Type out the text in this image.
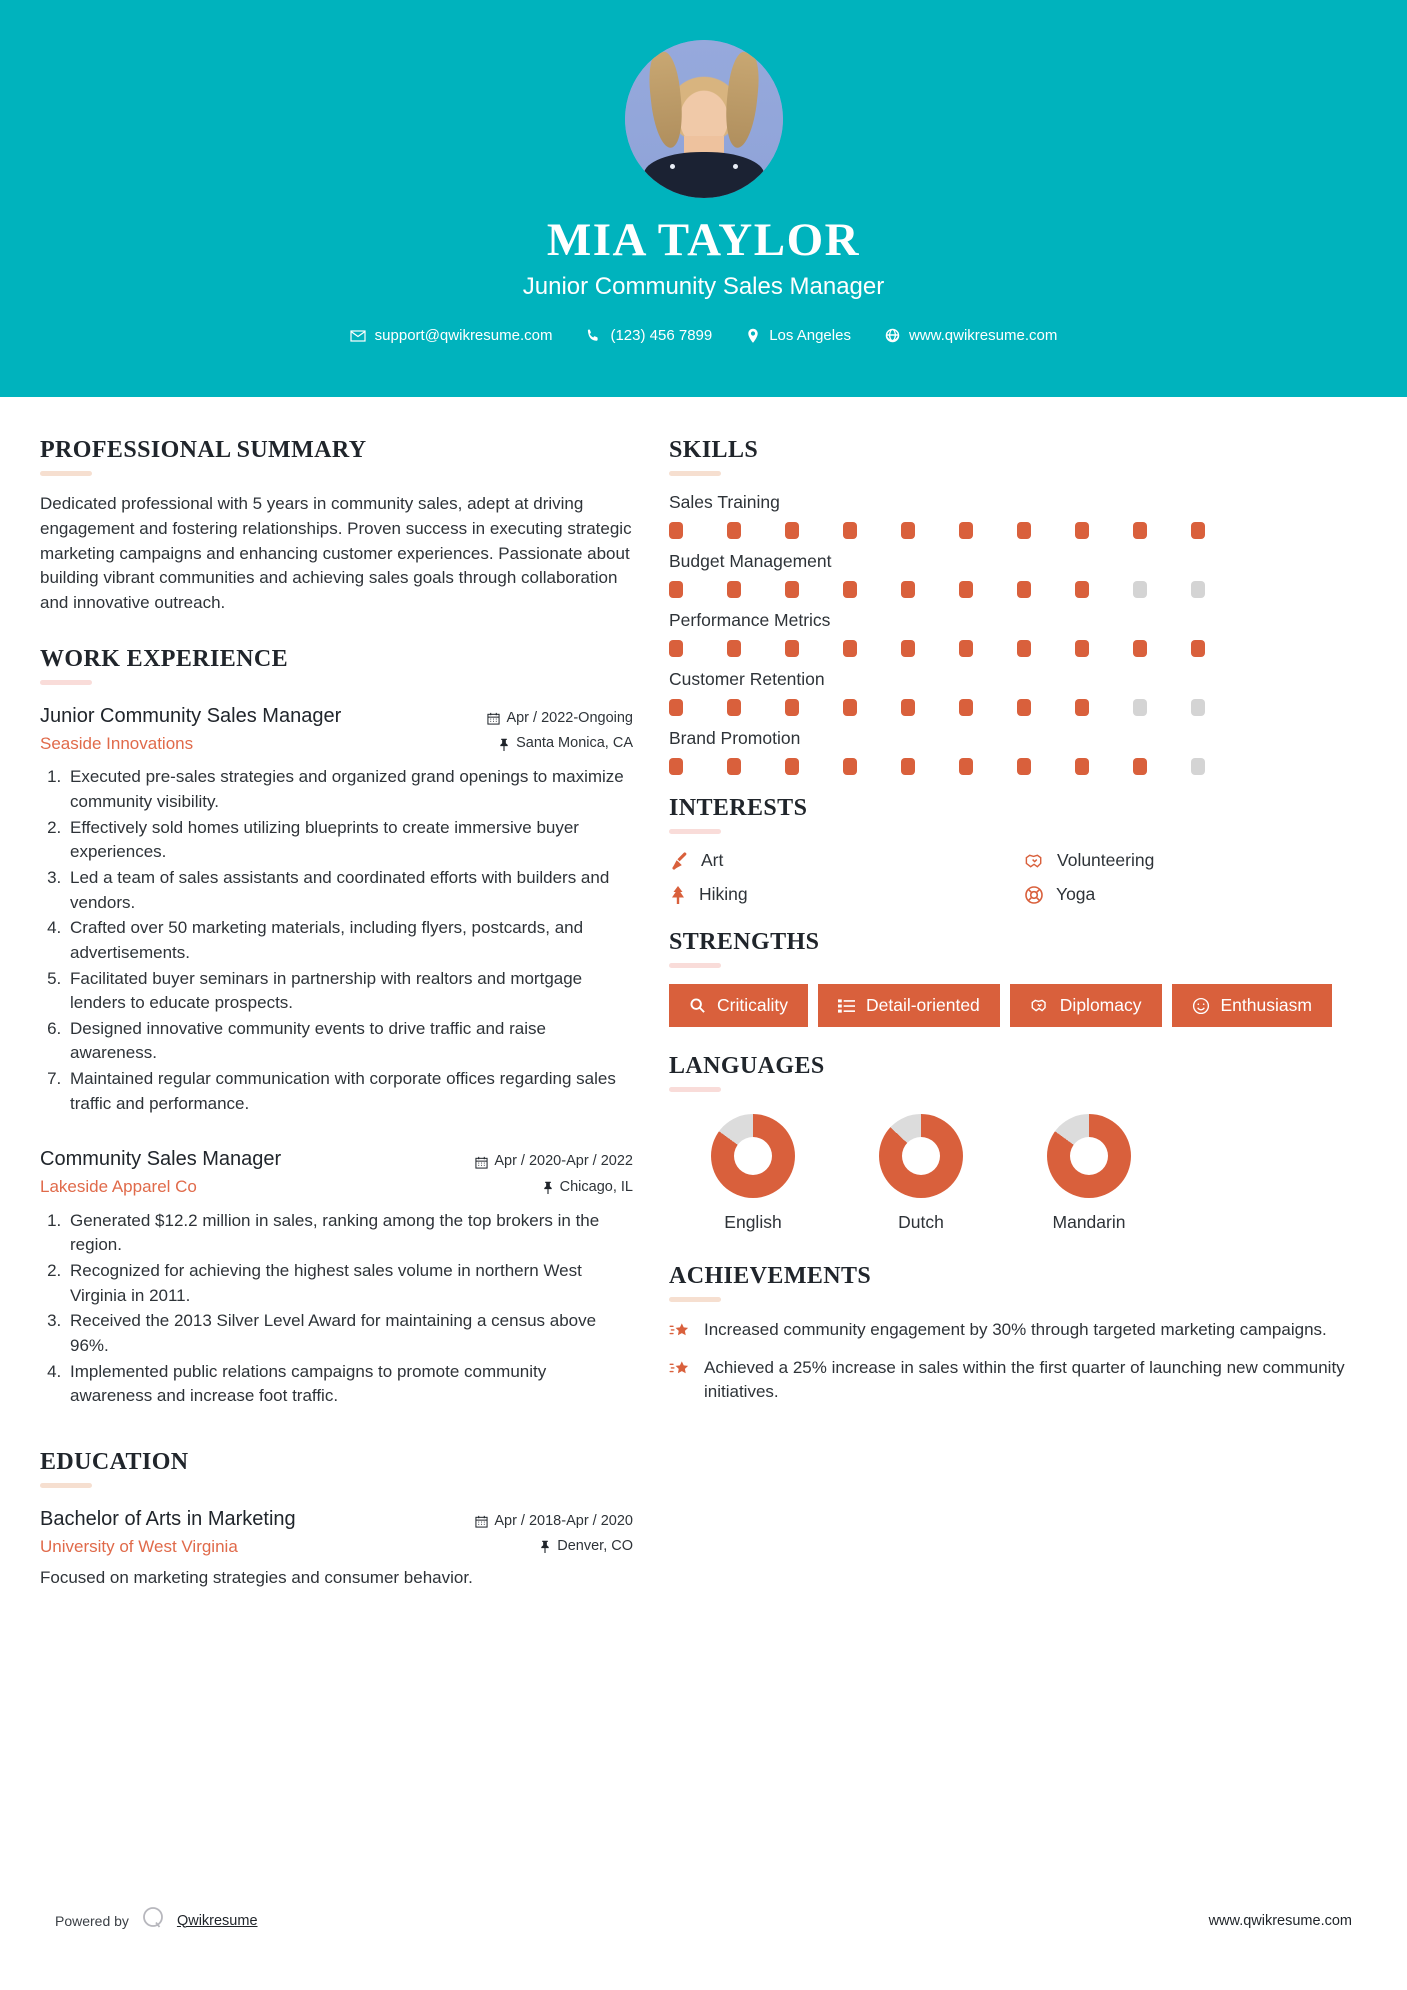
MIA TAYLOR
Junior Community Sales Manager
support@qwikresume.com	(123) 456 7899	Los Angeles	www.qwikresume.com
PROFESSIONAL SUMMARY
Dedicated professional with 5 years in community sales, adept at driving engagement and fostering relationships. Proven success in executing strategic marketing campaigns and enhancing customer experiences. Passionate about building vibrant communities and achieving sales goals through collaboration and innovative outreach.
WORK EXPERIENCE
Junior Community Sales Manager
Seaside Innovations
Apr / 2022-Ongoing
Santa Monica, CA
1. Executed pre-sales strategies and organized grand openings to maximize community visibility.
2. Effectively sold homes utilizing blueprints to create immersive buyer experiences.
3. Led a team of sales assistants and coordinated efforts with builders and vendors.
4. Crafted over 50 marketing materials, including flyers, postcards, and advertisements.
5. Facilitated buyer seminars in partnership with realtors and mortgage lenders to educate prospects.
6. Designed innovative community events to drive traffic and raise awareness.
7. Maintained regular communication with corporate offices regarding sales traffic and performance.
Community Sales Manager
Lakeside Apparel Co
Apr / 2020-Apr / 2022
Chicago, IL
1. Generated $12.2 million in sales, ranking among the top brokers in the region.
2. Recognized for achieving the highest sales volume in northern West Virginia in 2011.
3. Received the 2013 Silver Level Award for maintaining a census above 96%.
4. Implemented public relations campaigns to promote community awareness and increase foot traffic.
EDUCATION
Bachelor of Arts in Marketing
University of West Virginia
Apr / 2018-Apr / 2020
Denver, CO
Focused on marketing strategies and consumer behavior.
SKILLS
Sales Training
Budget Management
Performance Metrics
Customer Retention
Brand Promotion
INTERESTS
Art	Volunteering
Hiking	Yoga
STRENGTHS
Criticality	Detail-oriented	Diplomacy	Enthusiasm
LANGUAGES
English	Dutch	Mandarin
ACHIEVEMENTS
Increased community engagement by 30% through targeted marketing campaigns.
Achieved a 25% increase in sales within the first quarter of launching new community initiatives.
Powered by	Qwikresume	www.qwikresume.com
